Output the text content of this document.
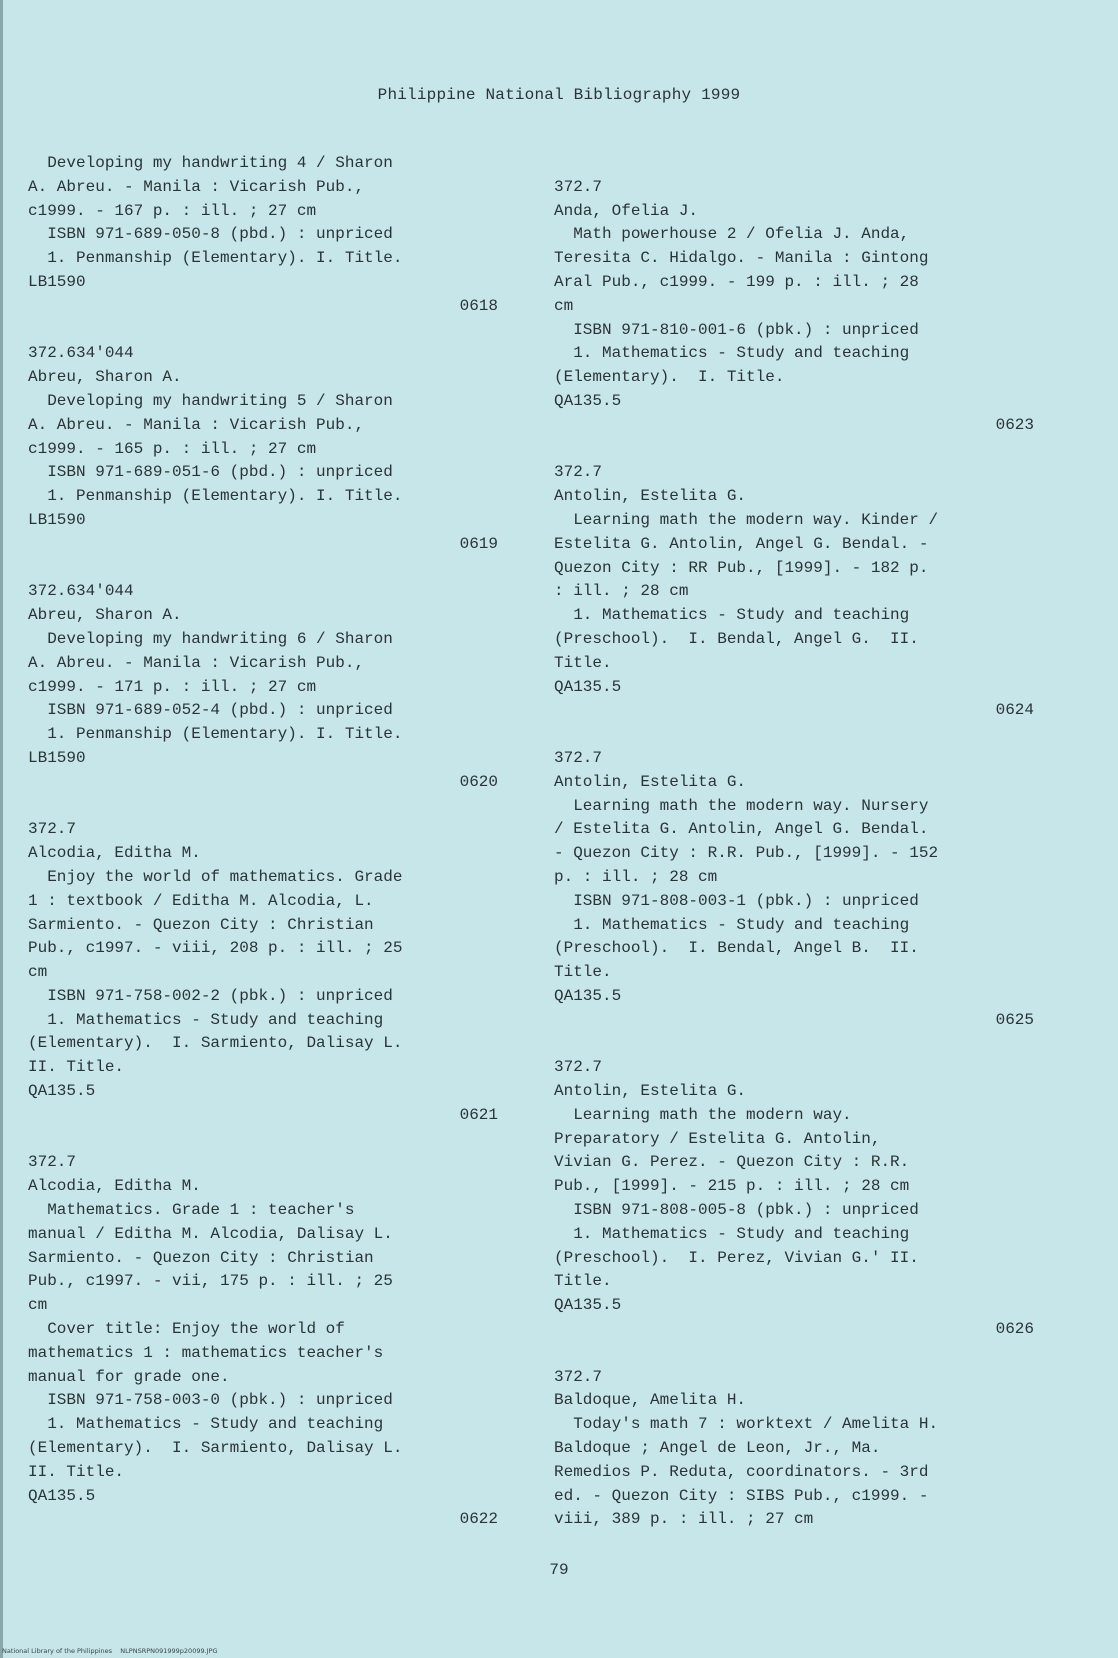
Philippine National Bibliography 1999
Developing my handwriting 4 / Sharon
A. Abreu. - Manila : Vicarish Pub.,
c1999. - 167 p. : ill. ; 27 cm
ISBN 971-689-050-8 (pbd.) : unpriced
1. Penmanship (Elementary). I. Title.
LB1590
0618
372.634'044
Abreu, Sharon A.
Developing my handwriting 5 / Sharon
A. Abreu. - Manila : Vicarish Pub.,
c1999. - 165 p. : ill. ; 27 cm
ISBN 971-689-051-6 (pbd.) : unpriced
1. Penmanship (Elementary). I. Title.
LB1590
0619
372.634'044
Abreu, Sharon A.
Developing my handwriting 6 / Sharon
A. Abreu. - Manila : Vicarish Pub.,
c1999. - 171 p. : ill. ; 27 cm
ISBN 971-689-052-4 (pbd.) : unpriced
1. Penmanship (Elementary). I. Title.
LB1590
0620
372.7
Alcodia, Editha M.
Enjoy the world of mathematics. Grade
1 : textbook / Editha M. Alcodia, L.
Sarmiento. - Quezon City : Christian
Pub., c1997. - viii, 208 p. : ill. ; 25
cm
ISBN 971-758-002-2 (pbk.) : unpriced
1. Mathematics - Study and teaching
(Elementary).  I. Sarmiento, Dalisay L.
II. Title.
QA135.5
0621
372.7
Alcodia, Editha M.
Mathematics. Grade 1 : teacher's
manual / Editha M. Alcodia, Dalisay L.
Sarmiento. - Quezon City : Christian
Pub., c1997. - vii, 175 p. : ill. ; 25
cm
Cover title: Enjoy the world of
mathematics 1 : mathematics teacher's
manual for grade one.
ISBN 971-758-003-0 (pbk.) : unpriced
1. Mathematics - Study and teaching
(Elementary).  I. Sarmiento, Dalisay L.
II. Title.
QA135.5
0622
372.7
Anda, Ofelia J.
Math powerhouse 2 / Ofelia J. Anda,
Teresita C. Hidalgo. - Manila : Gintong
Aral Pub., c1999. - 199 p. : ill. ; 28
cm
ISBN 971-810-001-6 (pbk.) : unpriced
1. Mathematics - Study and teaching
(Elementary).  I. Title.
QA135.5
0623
372.7
Antolin, Estelita G.
Learning math the modern way. Kinder /
Estelita G. Antolin, Angel G. Bendal. -
Quezon City : RR Pub., [1999]. - 182 p.
: ill. ; 28 cm
1. Mathematics - Study and teaching
(Preschool).  I. Bendal, Angel G.  II.
Title.
QA135.5
0624
372.7
Antolin, Estelita G.
Learning math the modern way. Nursery
/ Estelita G. Antolin, Angel G. Bendal.
- Quezon City : R.R. Pub., [1999]. - 152
p. : ill. ; 28 cm
ISBN 971-808-003-1 (pbk.) : unpriced
1. Mathematics - Study and teaching
(Preschool).  I. Bendal, Angel B.  II.
Title.
QA135.5
0625
372.7
Antolin, Estelita G.
Learning math the modern way.
Preparatory / Estelita G. Antolin,
Vivian G. Perez. - Quezon City : R.R.
Pub., [1999]. - 215 p. : ill. ; 28 cm
ISBN 971-808-005-8 (pbk.) : unpriced
1. Mathematics - Study and teaching
(Preschool).  I. Perez, Vivian G.' II.
Title.
QA135.5
0626
372.7
Baldoque, Amelita H.
Today's math 7 : worktext / Amelita H.
Baldoque ; Angel de Leon, Jr., Ma.
Remedios P. Reduta, coordinators. - 3rd
ed. - Quezon City : SIBS Pub., c1999. -
viii, 389 p. : ill. ; 27 cm
79
National Library of the Philippines NLPNSRPN091999p20099.JPG
